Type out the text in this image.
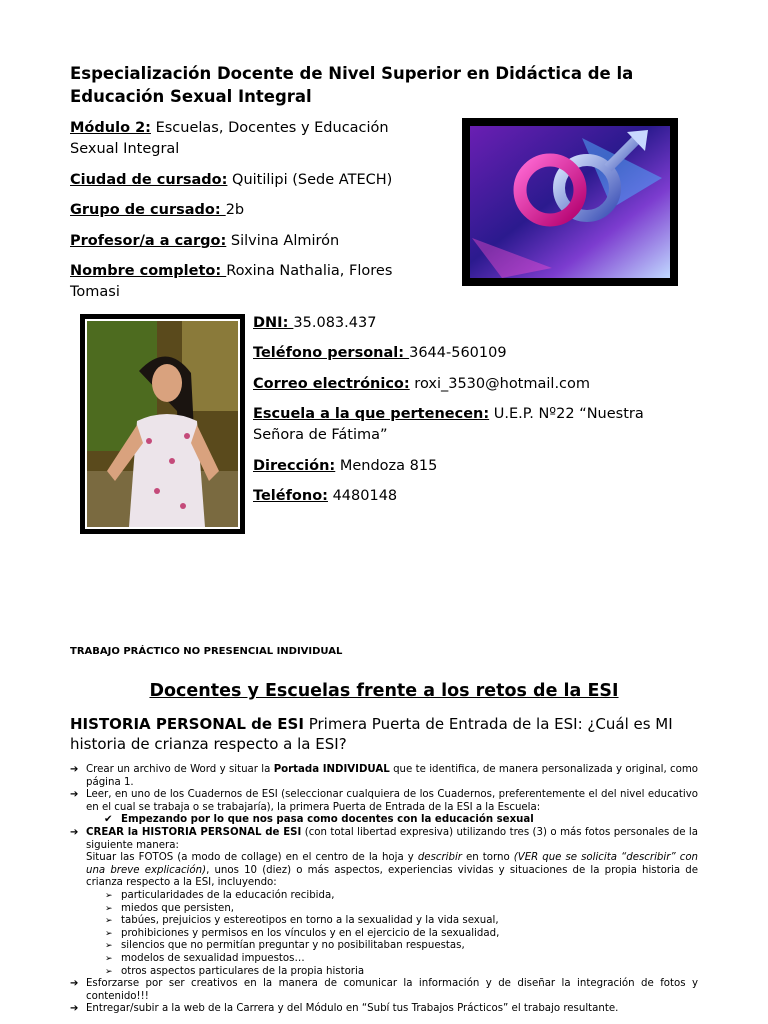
Especialización Docente de Nivel Superior en Didáctica de la Educación Sexual Integral
Módulo 2: Escuelas, Docentes y Educación Sexual Integral
Ciudad de cursado: Quitilipi (Sede ATECH)
Grupo de cursado: 2b
Profesor/a a cargo: Silvina Almirón
Nombre completo: Roxina Nathalia, Flores Tomasi
DNI: 35.083.437
Teléfono personal: 3644-560109
Correo electrónico: roxi_3530@hotmail.com
Escuela a la que pertenecen: U.E.P. Nº22 “Nuestra Señora de Fátima”
Dirección: Mendoza 815
Teléfono: 4480148
TRABAJO PRÁCTICO NO PRESENCIAL INDIVIDUAL
Docentes y Escuelas frente a los retos de la ESI
HISTORIA PERSONAL de ESI Primera Puerta de Entrada de la ESI: ¿Cuál es MI historia de crianza respecto a la ESI?
➔ Crear un archivo de Word y situar la Portada INDIVIDUAL que te identifica, de manera personalizada y original, como página 1.
➔ Leer, en uno de los Cuadernos de ESI (seleccionar cualquiera de los Cuadernos, preferentemente el del nivel educativo en el cual se trabaja o se trabajaría), la primera Puerta de Entrada de la ESI a la Escuela:
✔ Empezando por lo que nos pasa como docentes con la educación sexual
➔ CREAR la HISTORIA PERSONAL de ESI (con total libertad expresiva) utilizando tres (3) o más fotos personales de la siguiente manera:
Situar las FOTOS (a modo de collage) en el centro de la hoja y describir en torno (VER que se solicita “describir” con una breve explicación), unos 10 (diez) o más aspectos, experiencias vividas y situaciones de la propia historia de crianza respecto a la ESI, incluyendo:
➢ particularidades de la educación recibida,
➢ miedos que persisten,
➢ tabúes, prejuicios y estereotipos en torno a la sexualidad y la vida sexual,
➢ prohibiciones y permisos en los vínculos y en el ejercicio de la sexualidad,
➢ silencios que no permitían preguntar y no posibilitaban respuestas,
➢ modelos de sexualidad impuestos…
➢ otros aspectos particulares de la propia historia
➔ Esforzarse por ser creativos en la manera de comunicar la información y de diseñar la integración de fotos y contenido!!!
➔ Entregar/subir a la web de la Carrera y del Módulo en “Subí tus Trabajos Prácticos” el trabajo resultante.
